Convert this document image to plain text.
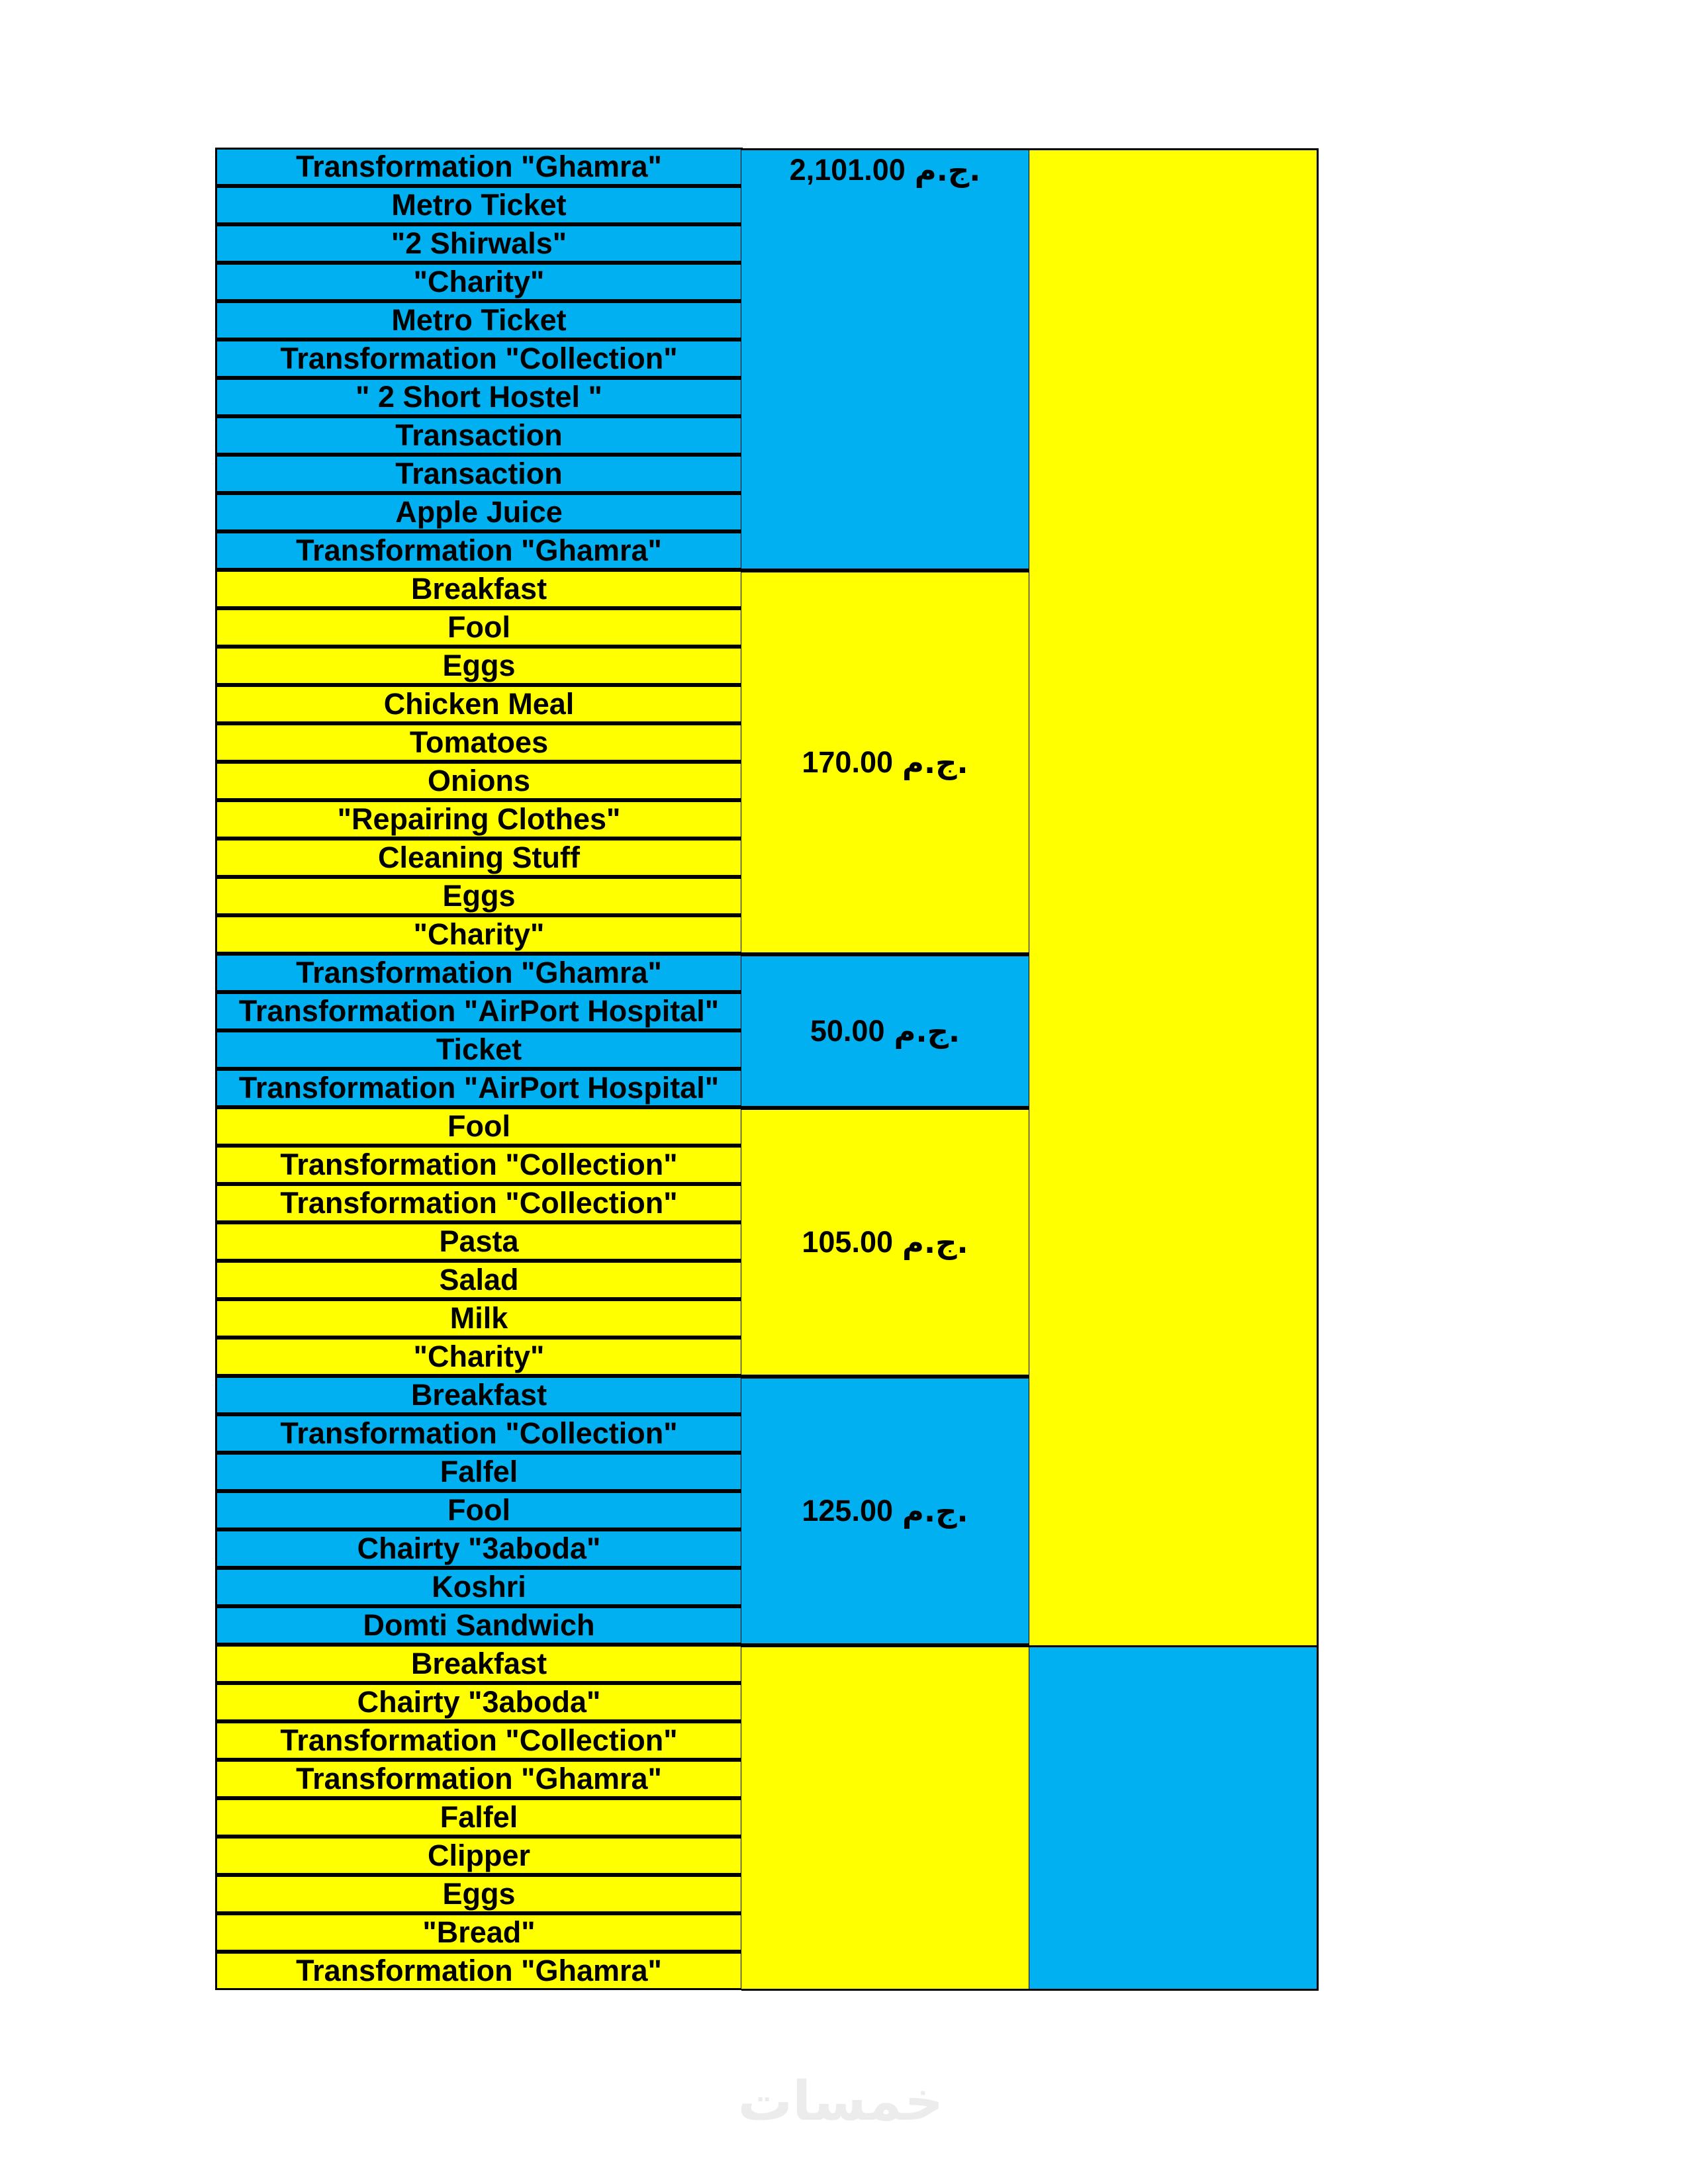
Transformation "Ghamra"
Metro Ticket
"2 Shirwals"
"Charity"
Metro Ticket
Transformation "Collection"
" 2 Short Hostel "
Transaction
Transaction
Apple Juice
Transformation "Ghamra"
2,101.00 ج.م.
Breakfast
Fool
Eggs
Chicken Meal
Tomatoes
Onions
"Repairing Clothes"
Cleaning Stuff
Eggs
"Charity"
170.00 ج.م.
Transformation "Ghamra"
Transformation "AirPort Hospital"
Ticket
Transformation "AirPort Hospital"
50.00 ج.م.
Fool
Transformation "Collection"
Transformation "Collection"
Pasta
Salad
Milk
"Charity"
105.00 ج.م.
Breakfast
Transformation "Collection"
Falfel
Fool
Chairty "3aboda"
Koshri
Domti Sandwich
125.00 ج.م.
Breakfast
Chairty "3aboda"
Transformation "Collection"
Transformation "Ghamra"
Falfel
Clipper
Eggs
"Bread"
Transformation "Ghamra"
خمسات
